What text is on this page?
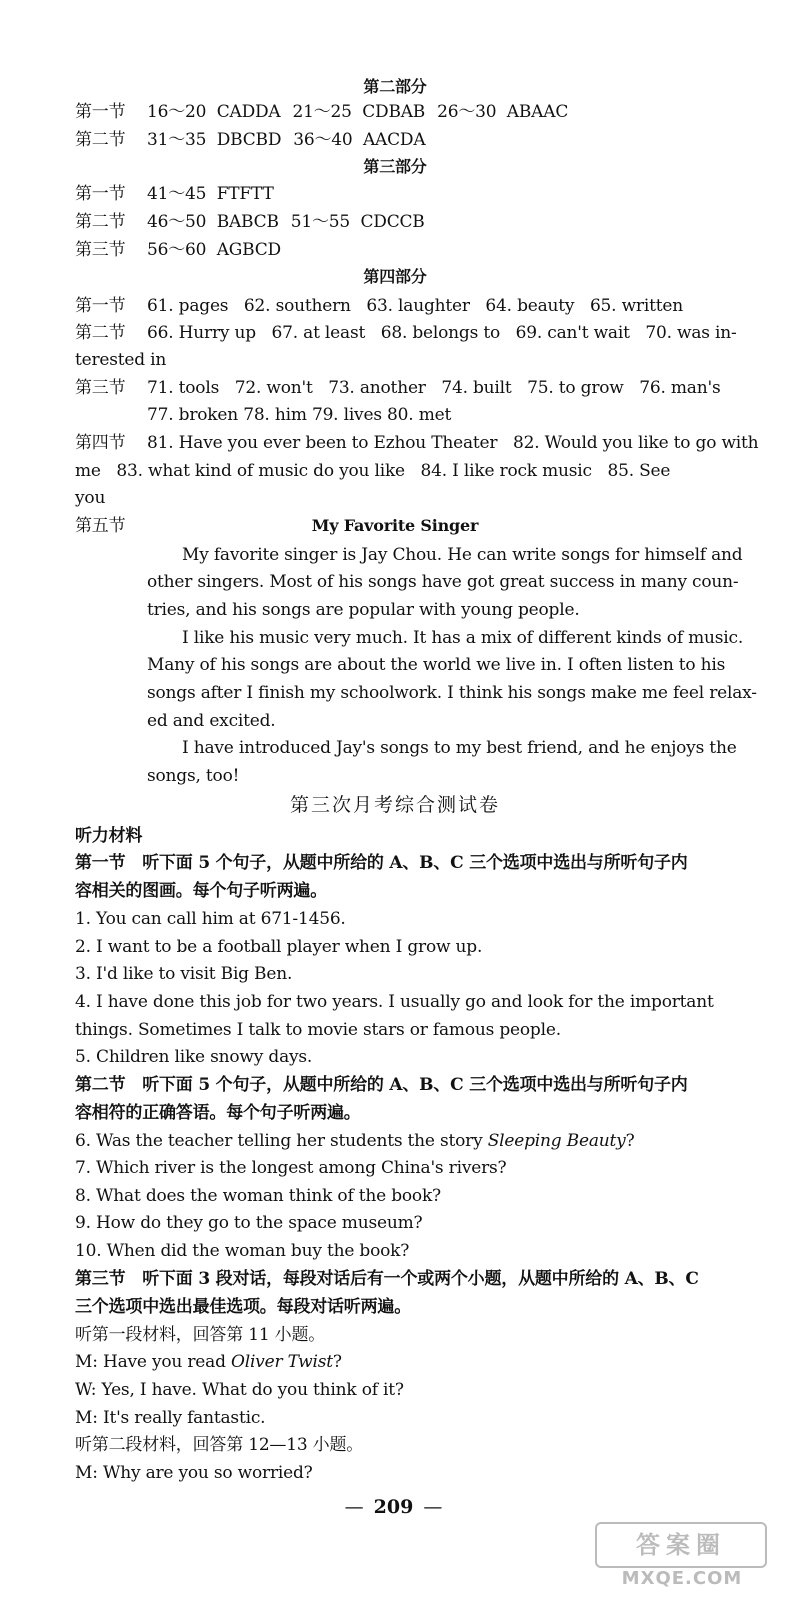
第二部分
第一节 16～20 CADDA 21～25 CDBAB 26～30 ABAAC
第二节 31～35 DBCBD 36～40 AACDA
第三部分
第一节 41～45 FTFTT
第二节 46～50 BABCB 51～55 CDCCB
第三节 56～60 AGBCD
第四部分
第一节 61. pages   62. southern   63. laughter   64. beauty   65. written
第二节 66. Hurry up   67. at least   68. belongs to   69. can't wait   70. was in-
terested in
第三节 71. tools   72. won't   73. another   74. built   75. to grow   76. man's
77. broken 78. him 79. lives 80. met
第四节 81. Have you ever been to Ezhou Theater   82. Would you like to go with
me   83. what kind of music do you like   84. I like rock music   85. See
you
第五节	My Favorite Singer
My favorite singer is Jay Chou. He can write songs for himself and
other singers. Most of his songs have got great success in many coun-
tries, and his songs are popular with young people.
I like his music very much. It has a mix of different kinds of music.
Many of his songs are about the world we live in. I often listen to his
songs after I finish my schoolwork. I think his songs make me feel relax-
ed and excited.
I have introduced Jay's songs to my best friend, and he enjoys the
songs, too!
第三次月考综合测试卷
听力材料
第一节　听下面 5 个句子，从题中所给的 A、B、C 三个选项中选出与所听句子内
容相关的图画。每个句子听两遍。
1. You can call him at 671-1456.
2. I want to be a football player when I grow up.
3. I'd like to visit Big Ben.
4. I have done this job for two years. I usually go and look for the important
things. Sometimes I talk to movie stars or famous people.
5. Children like snowy days.
第二节　听下面 5 个句子，从题中所给的 A、B、C 三个选项中选出与所听句子内
容相符的正确答语。每个句子听两遍。
6. Was the teacher telling her students the story Sleeping Beauty?
7. Which river is the longest among China's rivers?
8. What does the woman think of the book?
9. How do they go to the space museum?
10. When did the woman buy the book?
第三节　听下面 3 段对话，每段对话后有一个或两个小题，从题中所给的 A、B、C
三个选项中选出最佳选项。每段对话听两遍。
听第一段材料，回答第 11 小题。
M: Have you read Oliver Twist?
W: Yes, I have. What do you think of it?
M: It's really fantastic.
听第二段材料，回答第 12—13 小题。
M: Why are you so worried?
— 209 —
答案圈
MXQE.COM
